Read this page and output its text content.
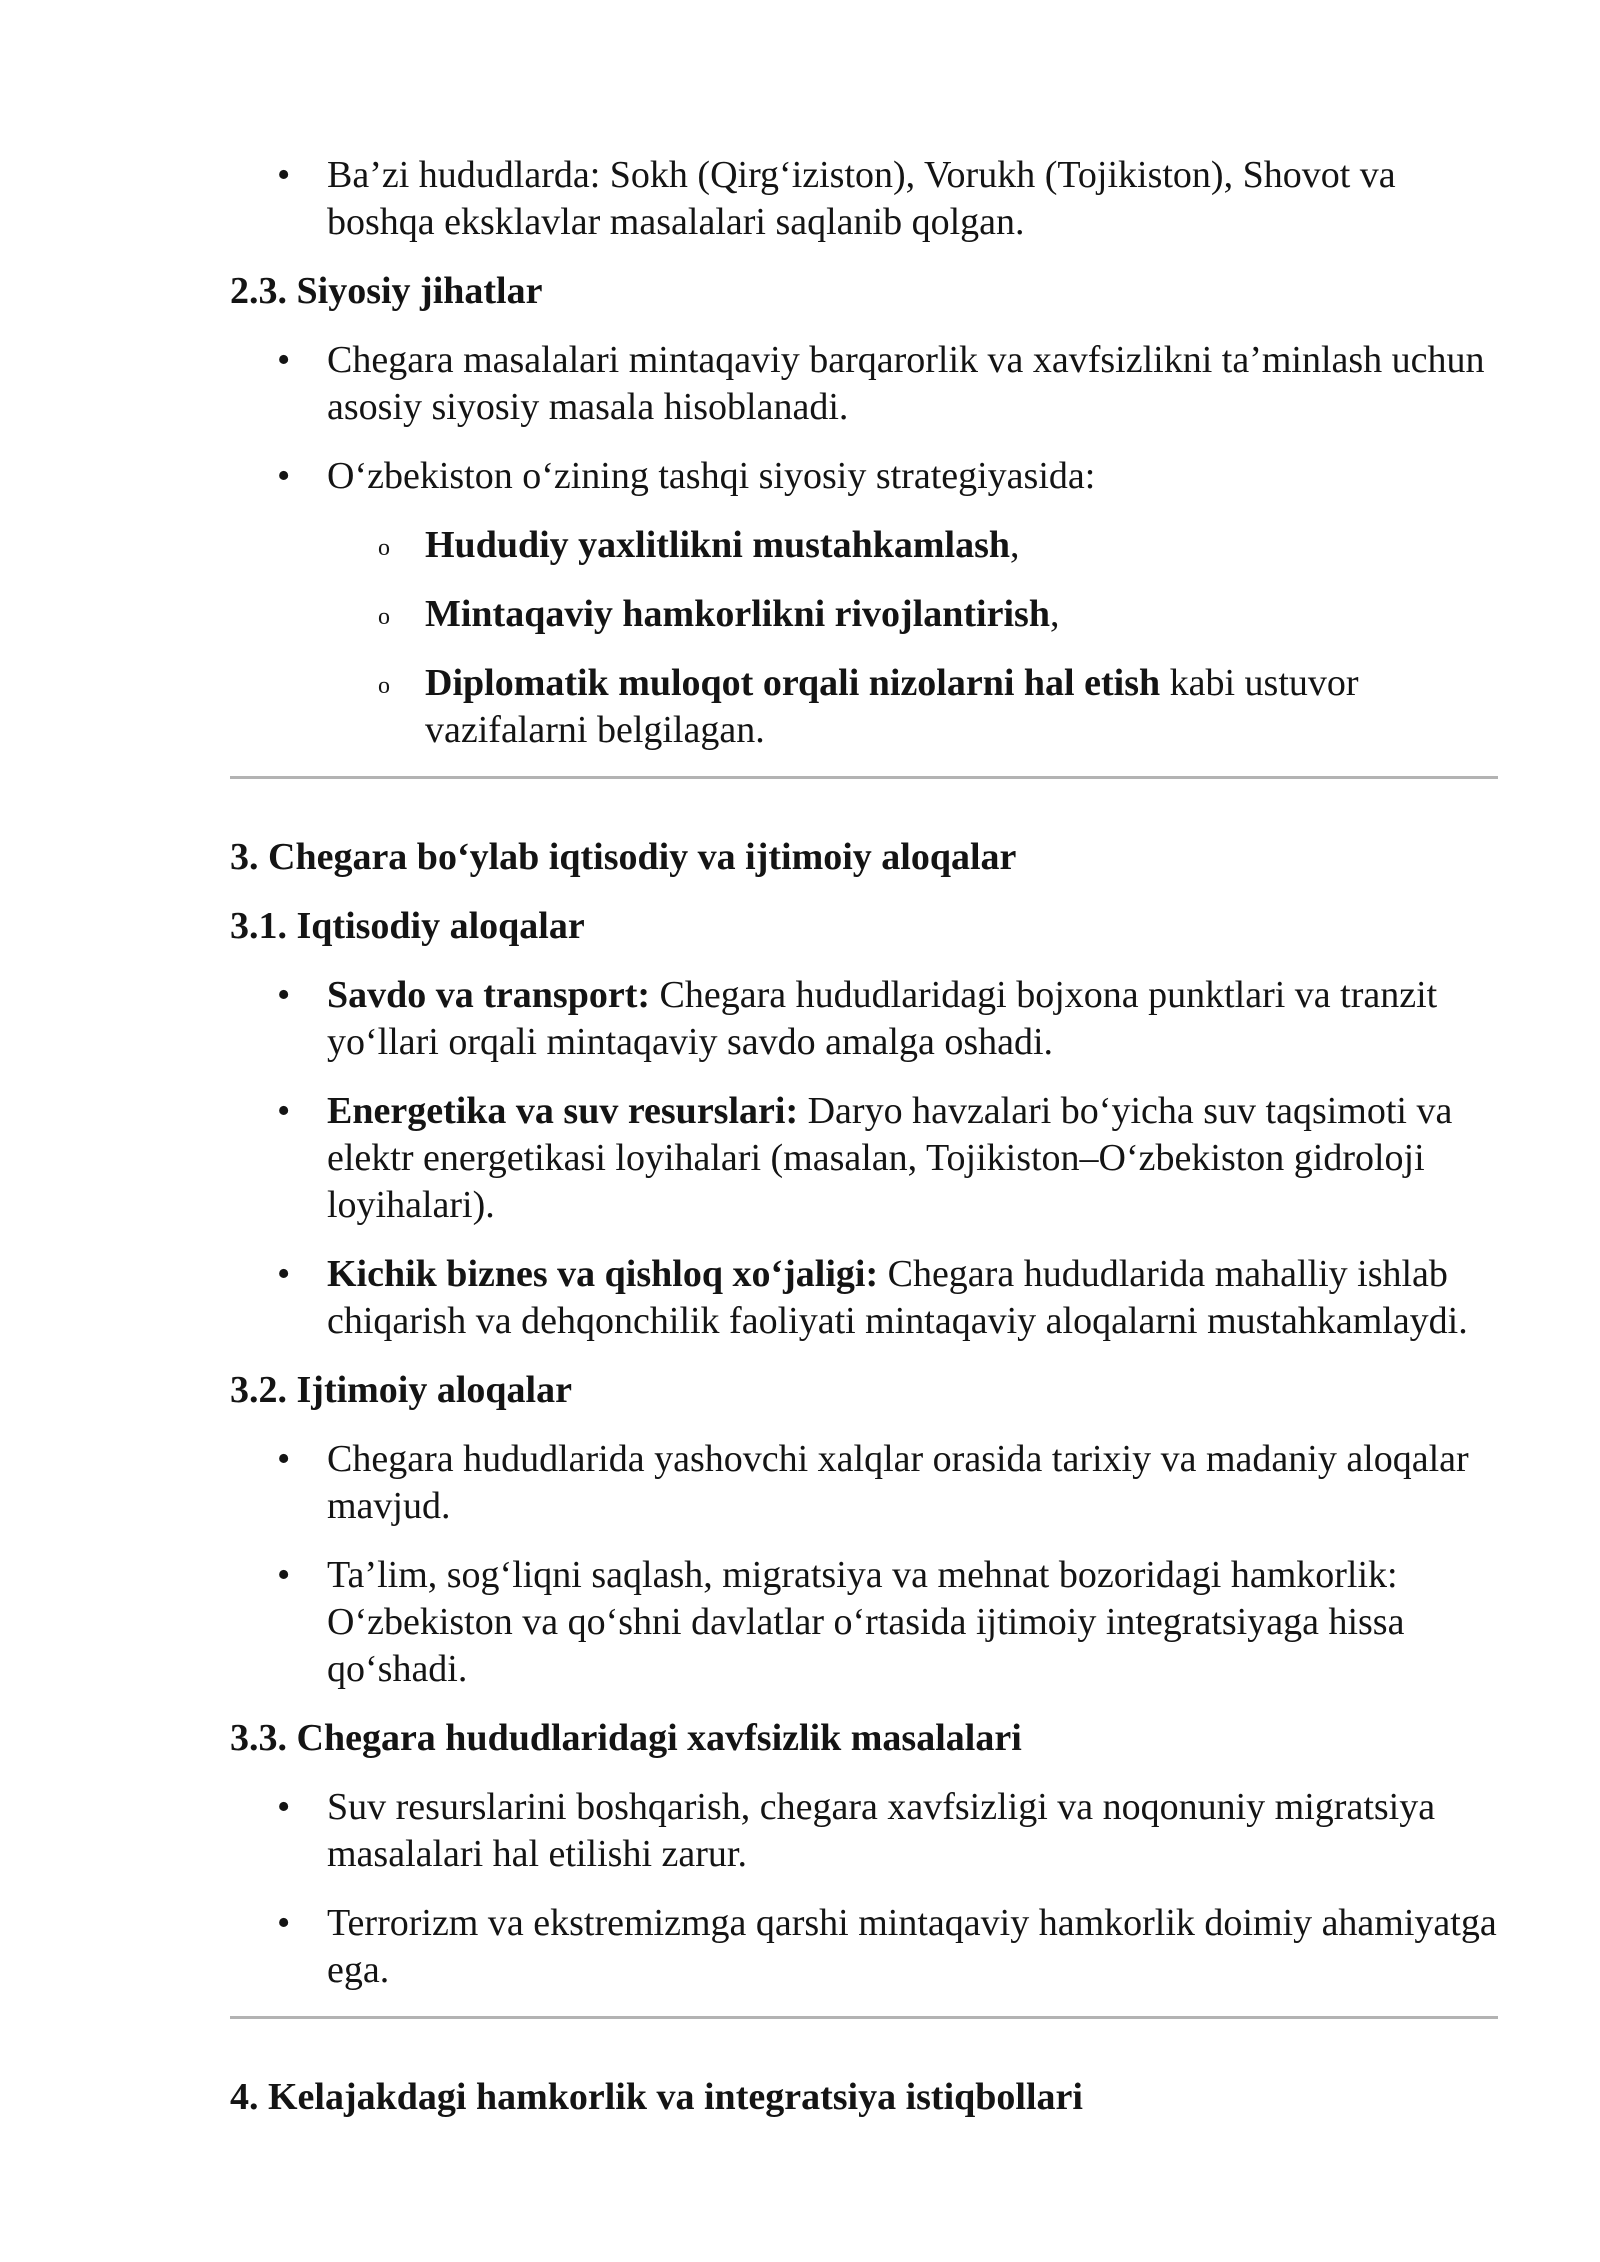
• Ba’zi hududlarda: Sokh (Qirg‘iziston), Vorukh (Tojikiston), Shovot va boshqa eksklavlar masalalari saqlanib qolgan.
2.3. Siyosiy jihatlar
• Chegara masalalari mintaqaviy barqarorlik va xavfsizlikni ta’minlash uchun asosiy siyosiy masala hisoblanadi.
• O‘zbekiston o‘zining tashqi siyosiy strategiyasida:
o Hududiy yaxlitlikni mustahkamlash,
o Mintaqaviy hamkorlikni rivojlantirish,
o Diplomatik muloqot orqali nizolarni hal etish kabi ustuvor vazifalarni belgilagan.
3. Chegara bo‘ylab iqtisodiy va ijtimoiy aloqalar
3.1. Iqtisodiy aloqalar
• Savdo va transport: Chegara hududlaridagi bojxona punktlari va tranzit yo‘llari orqali mintaqaviy savdo amalga oshadi.
• Energetika va suv resurslari: Daryo havzalari bo‘yicha suv taqsimoti va elektr energetikasi loyihalari (masalan, Tojikiston–O‘zbekiston gidroloji loyihalari).
• Kichik biznes va qishloq xo‘jaligi: Chegara hududlarida mahalliy ishlab chiqarish va dehqonchilik faoliyati mintaqaviy aloqalarni mustahkamlaydi.
3.2. Ijtimoiy aloqalar
• Chegara hududlarida yashovchi xalqlar orasida tarixiy va madaniy aloqalar mavjud.
• Ta’lim, sog‘liqni saqlash, migratsiya va mehnat bozoridagi hamkorlik: O‘zbekiston va qo‘shni davlatlar o‘rtasida ijtimoiy integratsiyaga hissa qo‘shadi.
3.3. Chegara hududlaridagi xavfsizlik masalalari
• Suv resurslarini boshqarish, chegara xavfsizligi va noqonuniy migratsiya masalalari hal etilishi zarur.
• Terrorizm va ekstremizmga qarshi mintaqaviy hamkorlik doimiy ahamiyatga ega.
4. Kelajakdagi hamkorlik va integratsiya istiqbollari
